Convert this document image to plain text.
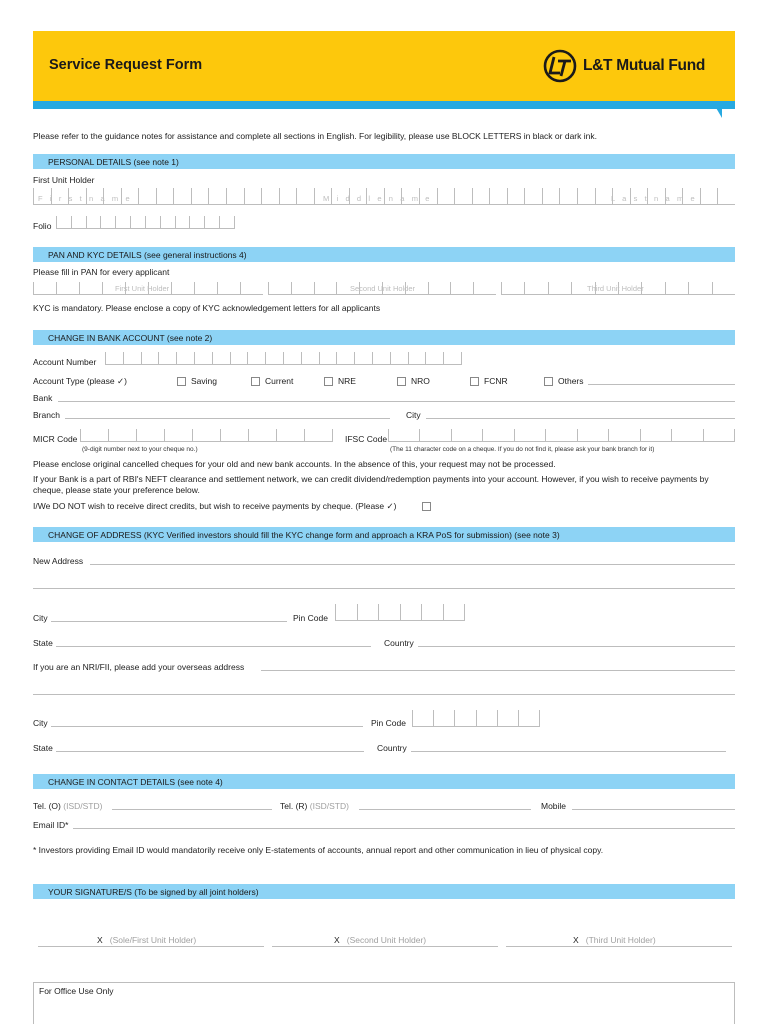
Service Request Form	L&T Mutual Fund
Please refer to the guidance notes for assistance and complete all sections in English. For legibility, please use BLOCK LETTERS in black or dark ink.
PERSONAL DETAILS (see note 1)
First Unit Holder
F i r s t n a m e	M i d d l e n a m e	L a s t n a m e
Folio
PAN AND KYC DETAILS (see general instructions 4)
Please fill in PAN for every applicant
First Unit Holder	Second Unit Holder	Third Unit Holder
KYC is mandatory. Please enclose a copy of KYC acknowledgement letters for all applicants
CHANGE IN BANK ACCOUNT (see note 2)
Account Number
Account Type (please ✓)	Saving	Current	NRE	NRO	FCNR	Others
Bank
Branch	City
MICR Code
(9-digit number next to your cheque no.)
IFSC Code
(The 11 character code on a cheque. If you do not find it, please ask your bank branch for it)
Please enclose original cancelled cheques for your old and new bank accounts. In the absence of this, your request may not be processed.
If your Bank is a part of RBI's NEFT clearance and settlement network, we can credit dividend/redemption payments into your account. However, if you wish to receive payments by cheque, please state your preference below.
I/We DO NOT wish to receive direct credits, but wish to receive payments by cheque. (Please ✓)
CHANGE OF ADDRESS (KYC Verified investors should fill the KYC change form and approach a KRA PoS for submission) (see note 3)
New Address
City	Pin Code
State	Country
If you are an NRI/FII, please add your overseas address
City	Pin Code
State	Country
CHANGE IN CONTACT DETAILS (see note 4)
Tel. (O) (ISD/STD)	Tel. (R) (ISD/STD)	Mobile
Email ID*
* Investors providing Email ID would mandatorily receive only E-statements of accounts, annual report and other communication in lieu of physical copy.
YOUR SIGNATURE/S (To be signed by all joint holders)
X (Sole/First Unit Holder)	X (Second Unit Holder)	X (Third Unit Holder)
For Office Use Only
